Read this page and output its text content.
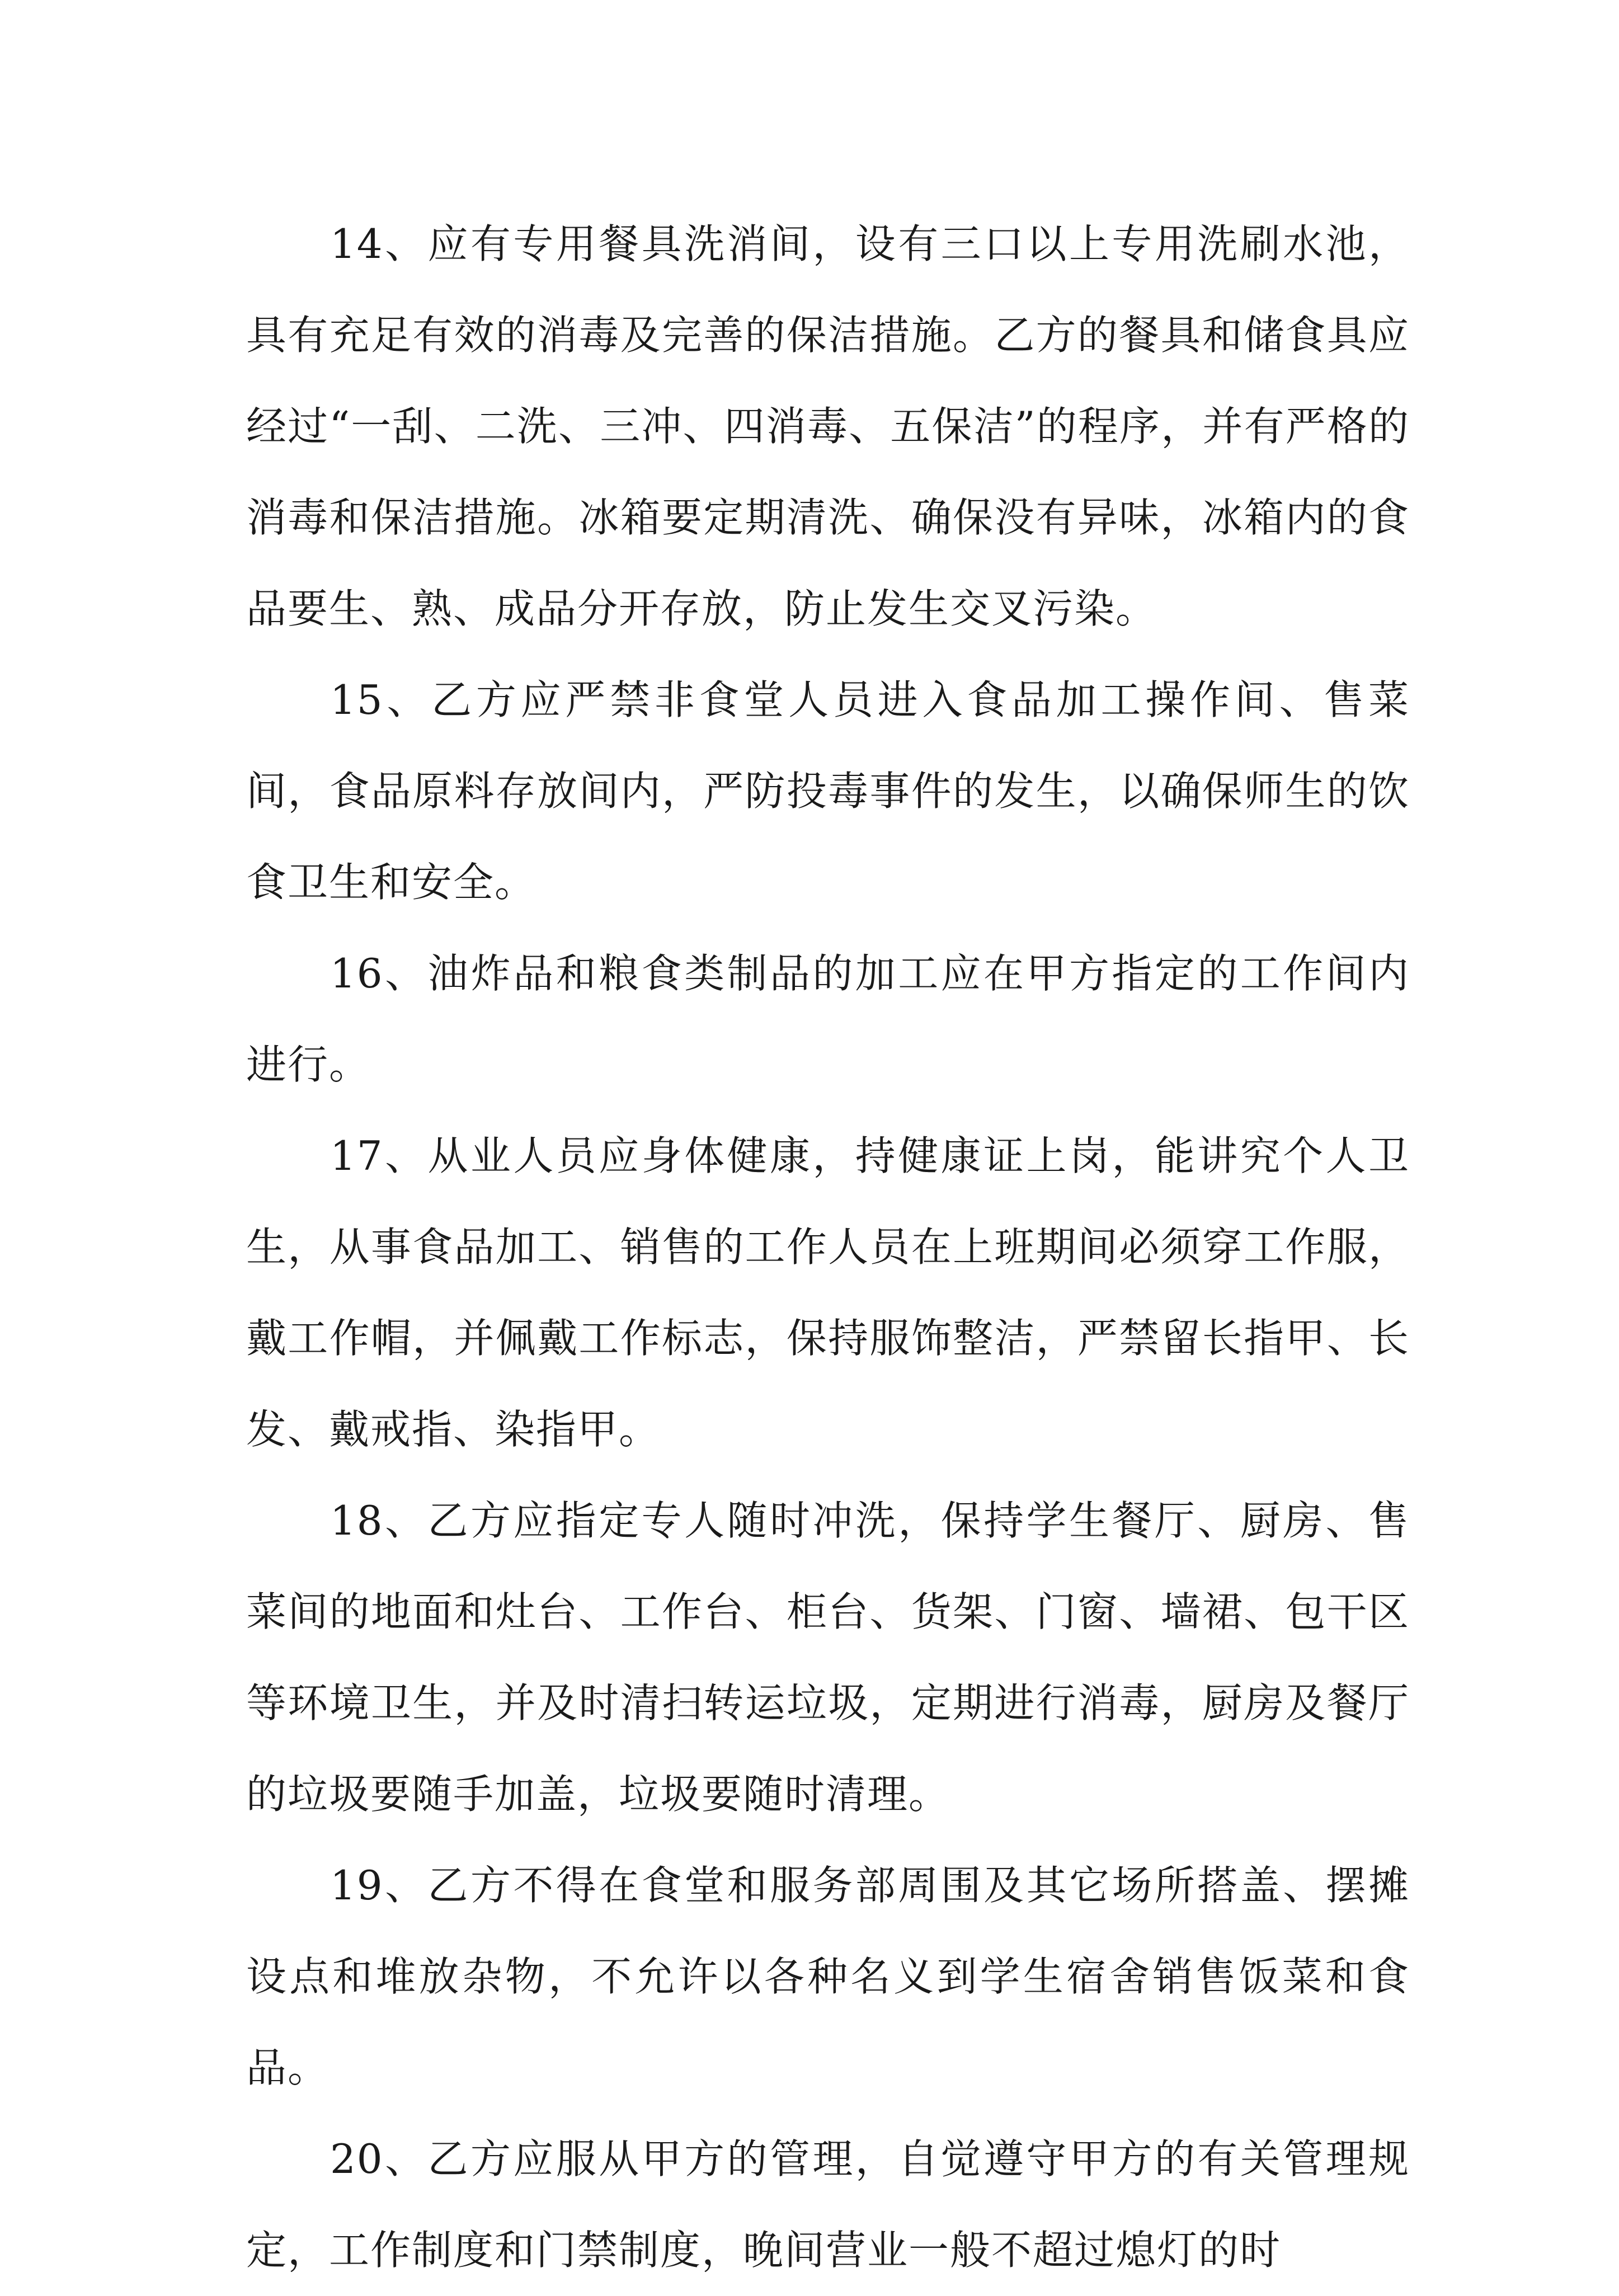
14、应有专用餐具洗消间，设有三口以上专用洗刷水池，具有充足有效的消毒及完善的保洁措施。乙方的餐具和储食具应经过“一刮、二洗、三冲、四消毒、五保洁”的程序，并有严格的消毒和保洁措施。冰箱要定期清洗、确保没有异味，冰箱内的食品要生、熟、成品分开存放，防止发生交叉污染。

15、乙方应严禁非食堂人员进入食品加工操作间、售菜间，食品原料存放间内，严防投毒事件的发生，以确保师生的饮食卫生和安全。

16、油炸品和粮食类制品的加工应在甲方指定的工作间内进行。

17、从业人员应身体健康，持健康证上岗，能讲究个人卫生，从事食品加工、销售的工作人员在上班期间必须穿工作服，戴工作帽，并佩戴工作标志，保持服饰整洁，严禁留长指甲、长发、戴戒指、染指甲。

18、乙方应指定专人随时冲洗，保持学生餐厅、厨房、售菜间的地面和灶台、工作台、柜台、货架、门窗、墙裙、包干区等环境卫生，并及时清扫转运垃圾，定期进行消毒，厨房及餐厅的垃圾要随手加盖，垃圾要随时清理。

19、乙方不得在食堂和服务部周围及其它场所搭盖、摆摊设点和堆放杂物，不允许以各种名义到学生宿舍销售饭菜和食品。

20、乙方应服从甲方的管理，自觉遵守甲方的有关管理规定，工作制度和门禁制度，晚间营业一般不超过熄灯的时
